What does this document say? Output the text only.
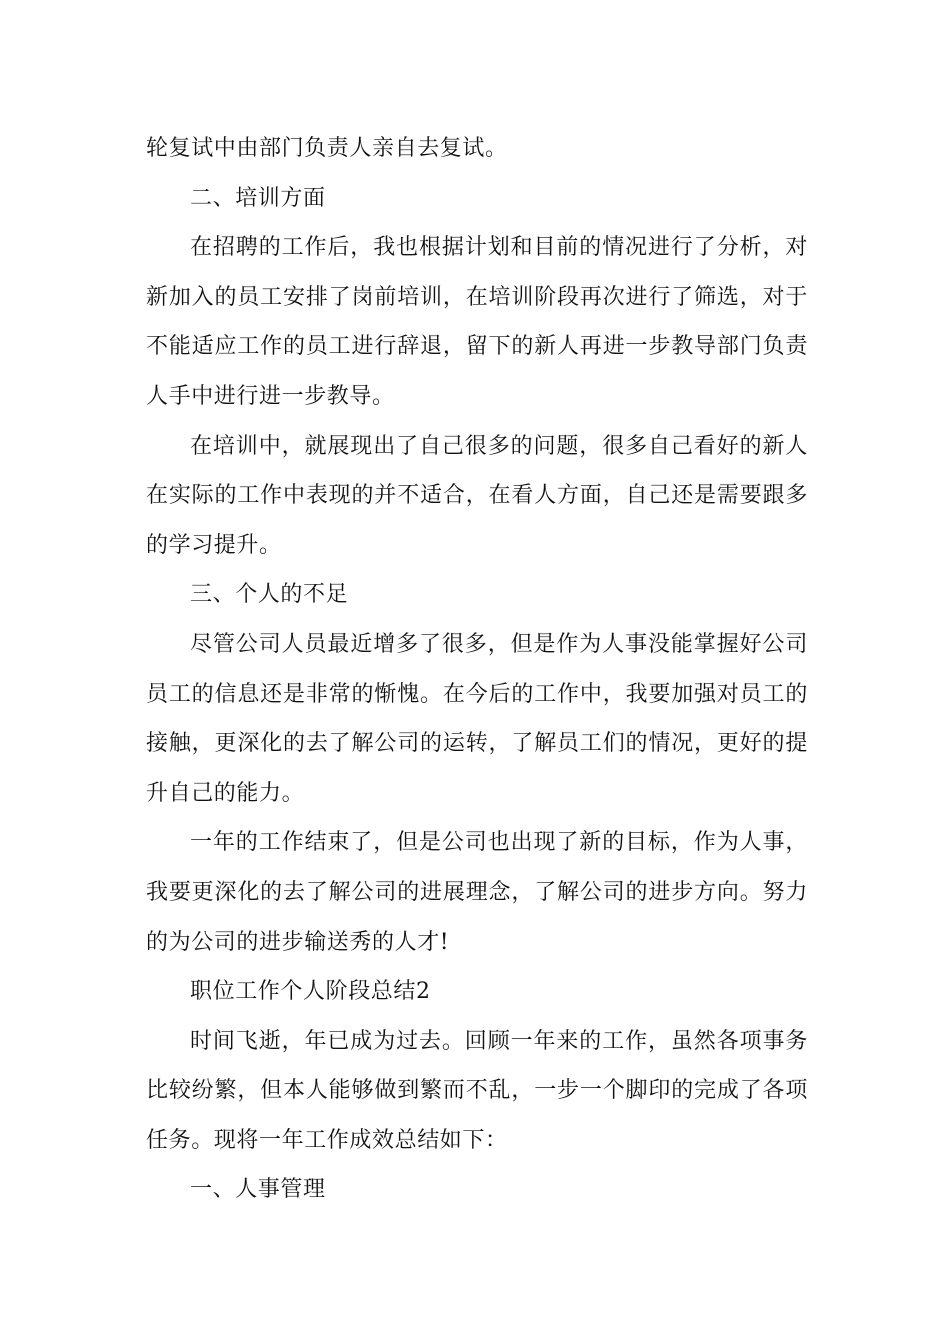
轮复试中由部门负责人亲自去复试。

二、培训方面

在招聘的工作后，我也根据计划和目前的情况进行了分析，对新加入的员工安排了岗前培训，在培训阶段再次进行了筛选，对于不能适应工作的员工进行辞退，留下的新人再进一步教导部门负责人手中进行进一步教导。

在培训中，就展现出了自己很多的问题，很多自己看好的新人在实际的工作中表现的并不适合，在看人方面，自己还是需要跟多的学习提升。

三、个人的不足

尽管公司人员最近增多了很多，但是作为人事没能掌握好公司员工的信息还是非常的惭愧。在今后的工作中，我要加强对员工的接触，更深化的去了解公司的运转，了解员工们的情况，更好的提升自己的能力。

一年的工作结束了，但是公司也出现了新的目标，作为人事，我要更深化的去了解公司的进展理念，了解公司的进步方向。努力的为公司的进步输送秀的人才!

职位工作个人阶段总结2

时间飞逝，年已成为过去。回顾一年来的工作，虽然各项事务比较纷繁，但本人能够做到繁而不乱，一步一个脚印的完成了各项任务。现将一年工作成效总结如下：

一、人事管理
